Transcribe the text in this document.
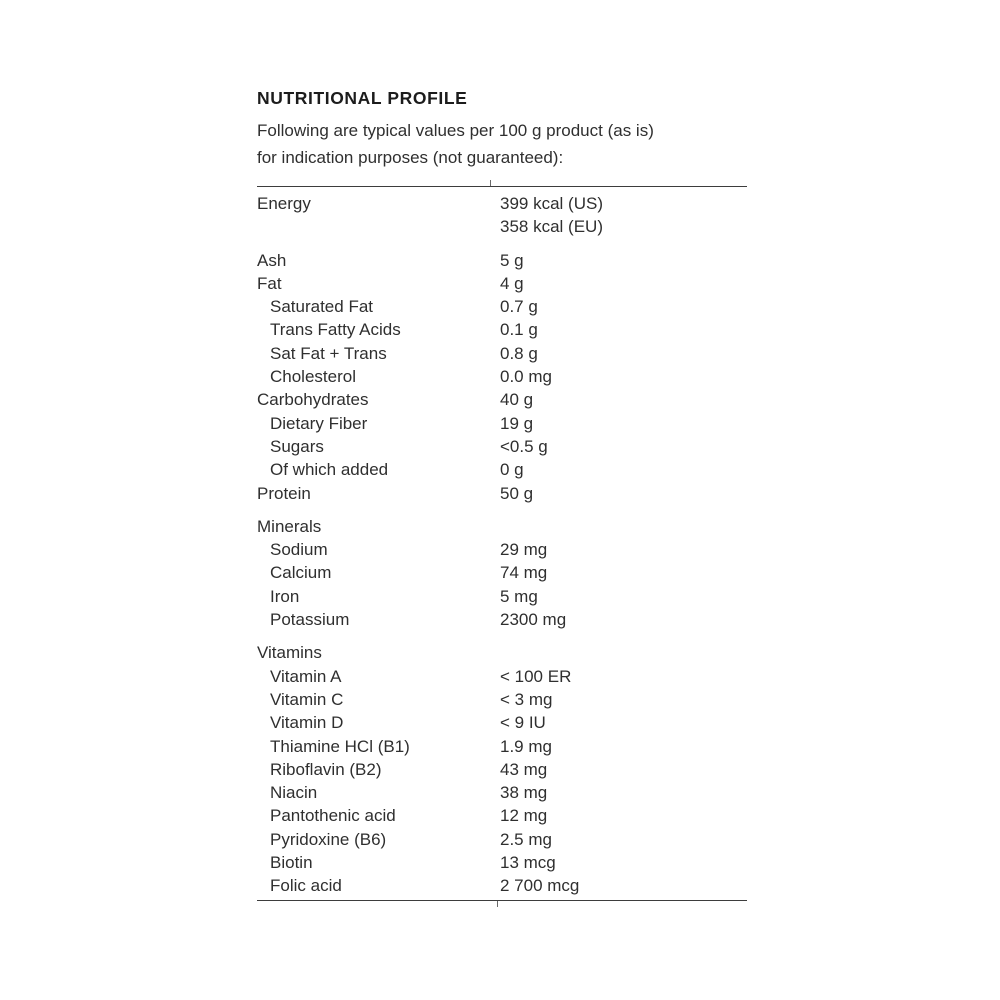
NUTRITIONAL PROFILE

Following are typical values per 100 g product (as is)
for indication purposes (not guaranteed):

Energy	399 kcal (US)
358 kcal (EU)
Ash	5 g
Fat	4 g
Saturated Fat	0.7 g
Trans Fatty Acids	0.1 g
Sat Fat + Trans	0.8 g
Cholesterol	0.0 mg
Carbohydrates	40 g
Dietary Fiber	19 g
Sugars	<0.5 g
Of which added	0 g
Protein	50 g
Minerals
Sodium	29 mg
Calcium	74 mg
Iron	5 mg
Potassium	2300 mg
Vitamins
Vitamin A	< 100 ER
Vitamin C	< 3 mg
Vitamin D	< 9 IU
Thiamine HCl (B1)	1.9 mg
Riboflavin (B2)	43 mg
Niacin	38 mg
Pantothenic acid	12 mg
Pyridoxine (B6)	2.5 mg
Biotin	13 mcg
Folic acid	2 700 mcg
